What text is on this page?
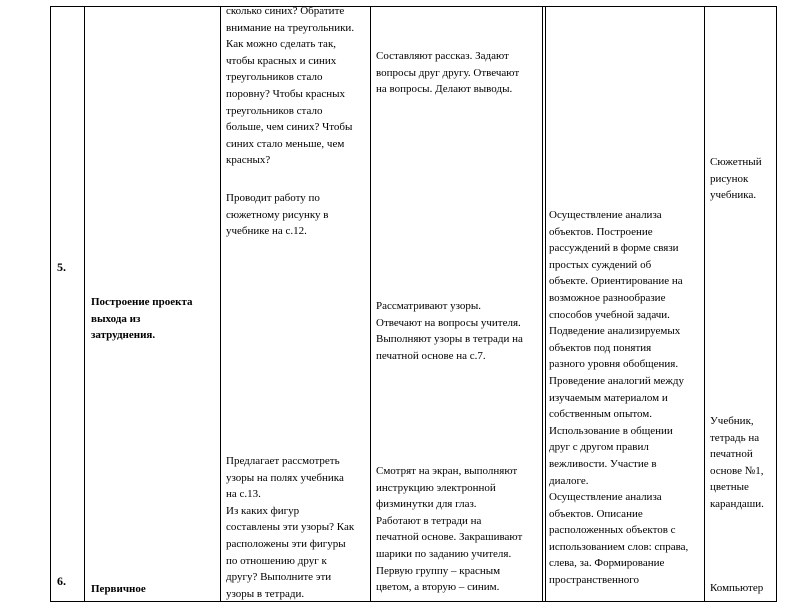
5.
6.
Построение проекта
выхода из
затруднения.
Первичное
сколько синих? Обратите
внимание на треугольники.
Как можно сделать так,
чтобы красных и синих
треугольников стало
поровну? Чтобы красных
треугольников стало
больше, чем синих? Чтобы
синих стало меньше, чем
красных?
Проводит работу по
сюжетному рисунку в
учебнике на с.12.
Предлагает рассмотреть
узоры на полях учебника
на с.13.
Из каких фигур
составлены эти узоры? Как
расположены эти фигуры
по отношению друг к
другу? Выполните эти
узоры в тетради.
Составляют рассказ. Задают
вопросы друг другу. Отвечают
на вопросы. Делают выводы.
Рассматривают узоры.
Отвечают на вопросы учителя.
Выполняют узоры в тетради на
печатной основе на с.7.
Смотрят на экран, выполняют
инструкцию электронной
физминутки для глаз.
Работают в тетради на
печатной основе. Закрашивают
шарики по заданию учителя.
Первую группу – красным
цветом, а вторую – синим.
Осуществление анализа
объектов. Построение
рассуждений в форме связи
простых суждений об
объекте. Ориентирование на
возможное разнообразие
способов учебной задачи.
Подведение анализируемых
объектов под понятия
разного уровня обобщения.
Проведение аналогий между
изучаемым материалом и
собственным опытом.
Использование в общении
друг с другом правил
вежливости. Участие в
диалоге.
Осуществление анализа
объектов. Описание
расположенных объектов с
использованием слов: справа,
слева, за. Формирование
пространственного
Сюжетный
рисунок
учебника.
Учебник,
тетрадь на
печатной
основе №1,
цветные
карандаши.
Компьютер
